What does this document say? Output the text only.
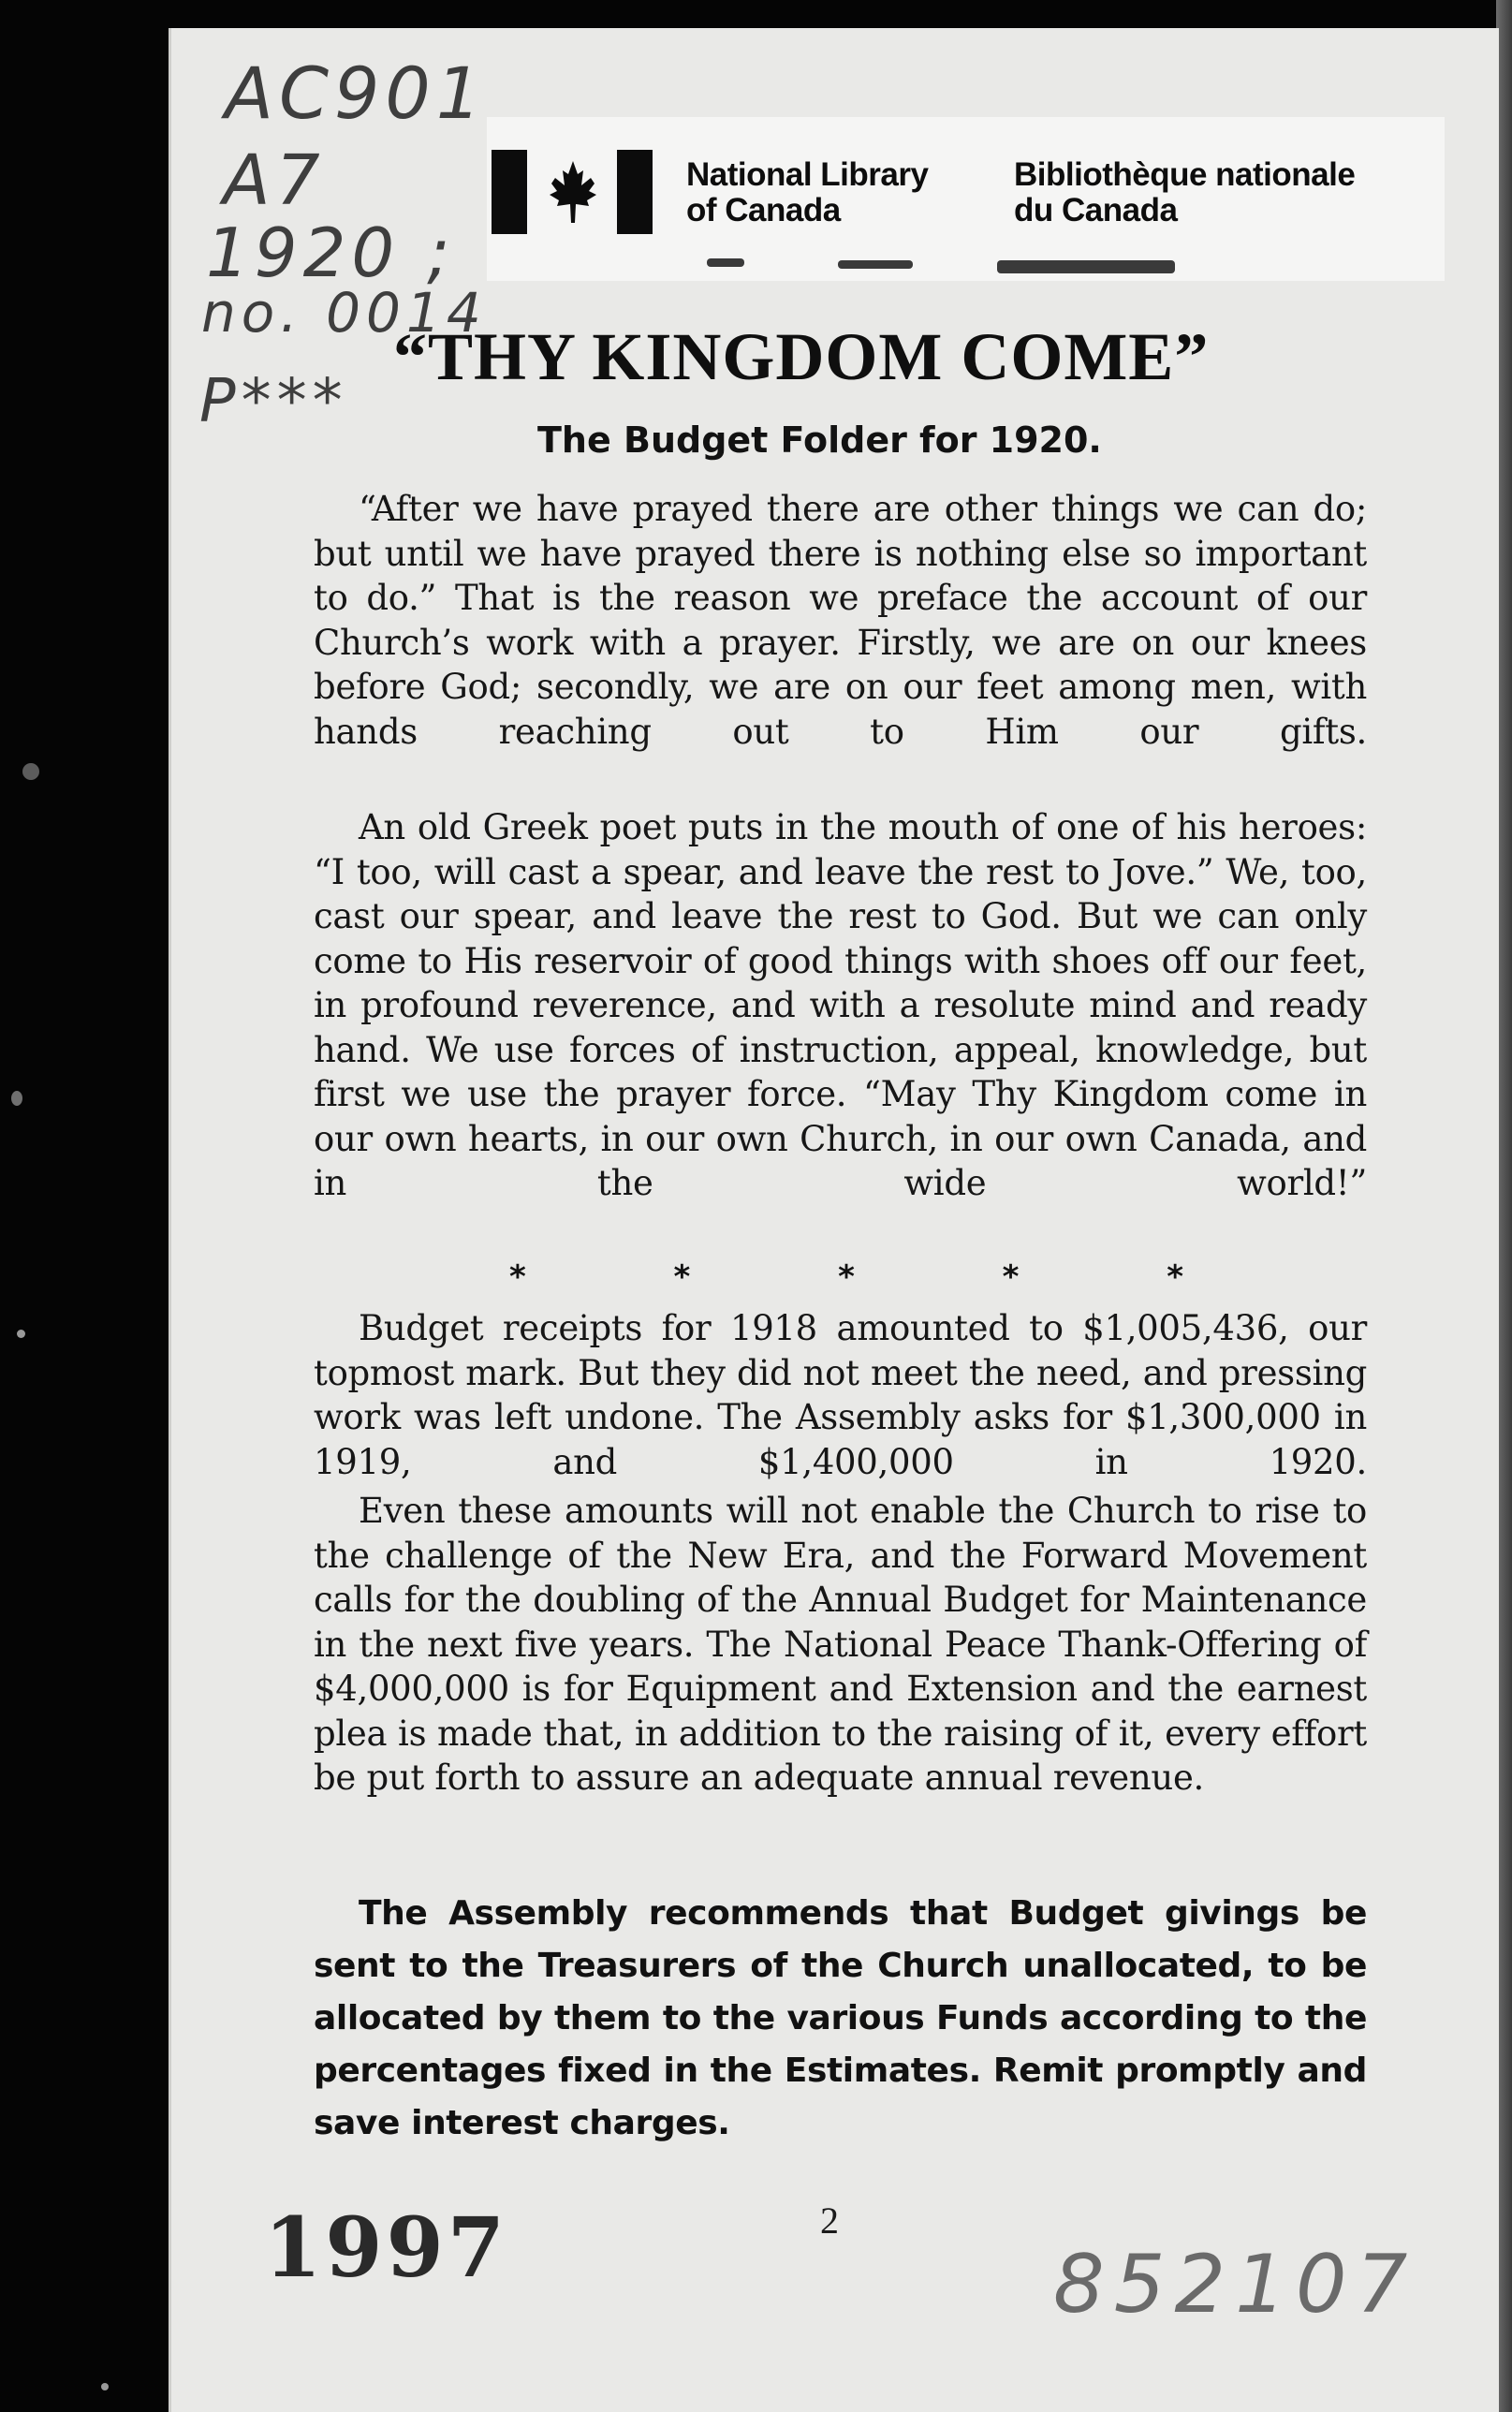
AC901
A7
1920 ;
no. 0014
P***
National Library
of Canada
Bibliothèque nationale
du Canada
“THY KINGDOM COME”
The Budget Folder for 1920.

“After we have prayed there are other things we can do; but until we have prayed there is nothing else so important to do.” That is the reason we preface the account of our Church’s work with a prayer. Firstly, we are on our knees before God; secondly, we are on our feet among men, with hands reaching out to Him our gifts.

An old Greek poet puts in the mouth of one of his heroes: “I too, will cast a spear, and leave the rest to Jove.” We, too, cast our spear, and leave the rest to God. But we can only come to His reservoir of good things with shoes off our feet, in profound reverence, and with a resolute mind and ready hand. We use forces of instruction, appeal, knowledge, but first we use the prayer force. “May Thy Kingdom come in our own hearts, in our own Church, in our own Canada, and in the wide world!”

*	*	*	*	*

Budget receipts for 1918 amounted to $1,005,436, our topmost mark. But they did not meet the need, and pressing work was left undone. The Assembly asks for $1,300,000 in 1919, and $1,400,000 in 1920.

Even these amounts will not enable the Church to rise to the challenge of the New Era, and the Forward Movement calls for the doubling of the Annual Budget for Maintenance in the next five years. The National Peace Thank-Offering of $4,000,000 is for Equipment and Extension and the earnest plea is made that, in addition to the raising of it, every effort be put forth to assure an adequate annual revenue.

The Assembly recommends that Budget givings be sent to the Treasurers of the Church unallocated, to be allocated by them to the various Funds according to the percentages fixed in the Estimates. Remit promptly and save interest charges.

1997	2
852107
